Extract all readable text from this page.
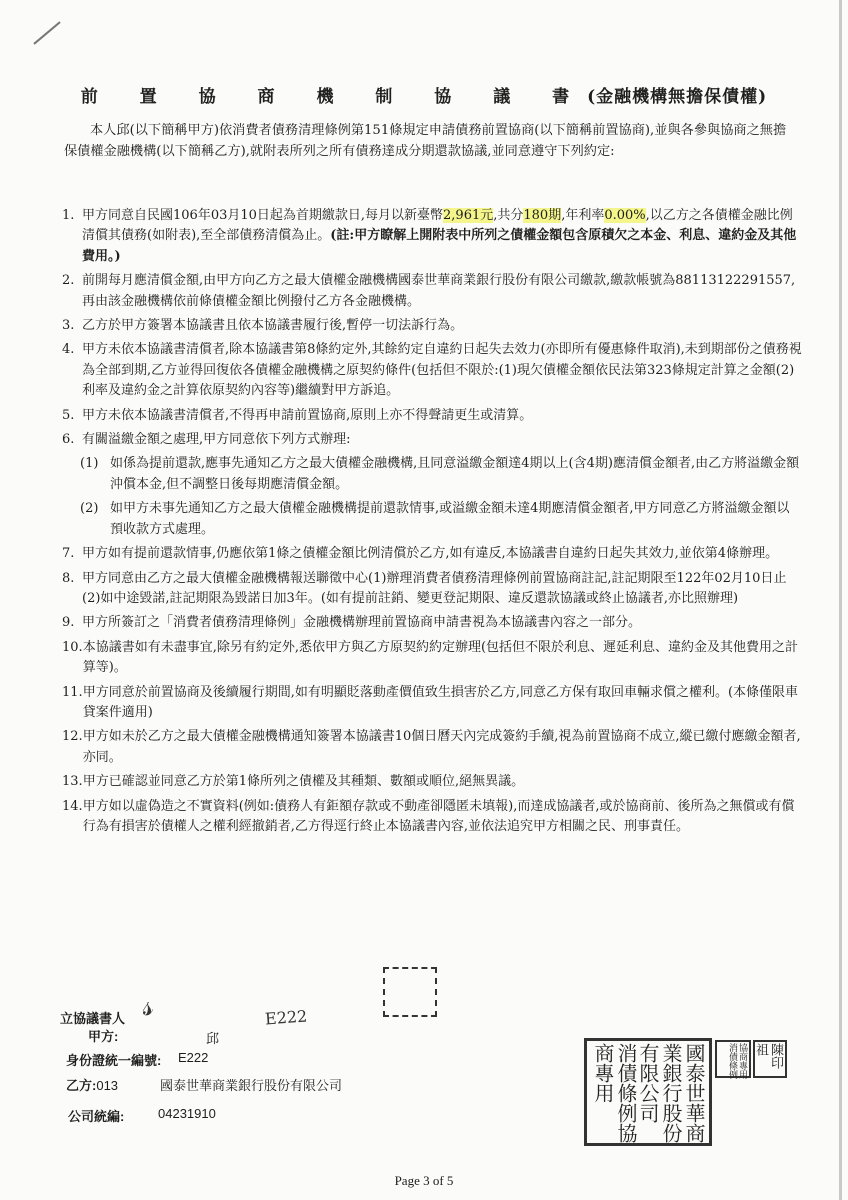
前 置 協 商 機 制 協 議 書(金融機構無擔保債權)

本人邱(以下簡稱甲方)依消費者債務清理條例第151條規定申請債務前置協商(以下簡稱前置協商),並與各參與協商之無擔保債權金融機構(以下簡稱乙方),就附表所列之所有債務達成分期還款協議,並同意遵守下列約定:

1. 甲方同意自民國106年03月10日起為首期繳款日,每月以新臺幣2,961元,共分180期,年利率0.00%,以乙方之各債權金融比例清償其債務(如附表),至全部債務清償為止。(註:甲方瞭解上開附表中所列之債權金額包含原積欠之本金、利息、違約金及其他費用。)
2. 前開每月應清償金額,由甲方向乙方之最大債權金融機構國泰世華商業銀行股份有限公司繳款,繳款帳號為88113122291557,再由該金融機構依前條債權金額比例撥付乙方各金融機構。
3. 乙方於甲方簽署本協議書且依本協議書履行後,暫停一切法訴行為。
4. 甲方未依本協議書清償者,除本協議書第8條約定外,其餘約定自違約日起失去效力(亦即所有優惠條件取消),未到期部份之債務視為全部到期,乙方並得回復依各債權金融機構之原契約條件(包括但不限於:(1)現欠債權金額依民法第323條規定計算之金額(2)利率及違約金之計算依原契約內容等)繼續對甲方訴追。
5. 甲方未依本協議書清償者,不得再申請前置協商,原則上亦不得聲請更生或清算。
6. 有關溢繳金額之處理,甲方同意依下列方式辦理:
(1) 如係為提前還款,應事先通知乙方之最大債權金融機構,且同意溢繳金額達4期以上(含4期)應清償金額者,由乙方將溢繳金額沖償本金,但不調整日後每期應清償金額。
(2) 如甲方未事先通知乙方之最大債權金融機構提前還款情事,或溢繳金額未達4期應清償金額者,甲方同意乙方將溢繳金額以預收款方式處理。
7. 甲方如有提前還款情事,仍應依第1條之債權金額比例清償於乙方,如有違反,本協議書自違約日起失其效力,並依第4條辦理。
8. 甲方同意由乙方之最大債權金融機構報送聯徵中心(1)辦理消費者債務清理條例前置協商註記,註記期限至122年02月10日止(2)如中途毀諾,註記期限為毀諾日加3年。(如有提前註銷、變更登記期限、違反還款協議或終止協議者,亦比照辦理)
9. 甲方所簽訂之「消費者債務清理條例」金融機構辦理前置協商申請書視為本協議書內容之一部分。
10. 本協議書如有未盡事宜,除另有約定外,悉依甲方與乙方原契約約定辦理(包括但不限於利息、遲延利息、違約金及其他費用之計算等)。
11. 甲方同意於前置協商及後續履行期間,如有明顯貶落動產價值致生損害於乙方,同意乙方保有取回車輛求償之權利。(本條僅限車貸案件適用)
12. 甲方如未於乙方之最大債權金融機構通知簽署本協議書10個日曆天內完成簽約手續,視為前置協商不成立,縱已繳付應繳金額者,亦同。
13. 甲方已確認並同意乙方於第1條所列之債權及其種類、數額或順位,絕無異議。
14. 甲方如以虛偽造之不實資料(例如:債務人有鉅額存款或不動產卻隱匿未填報),而達成協議者,或於協商前、後所為之無償或有償行為有損害於債權人之權利經撤銷者,乙方得逕行終止本協議書內容,並依法追究甲方相關之民、刑事責任。
立協議書人
甲方:	邱
𝓈	E222
身份證統一編號: E222
乙方:013	國泰世華商業銀行股份有限公司
公司統編:	04231910	國泰世華商業銀行股份有限公司
消債條例協商專用	協商專用消債條例	陳印祖
Page 3 of 5
